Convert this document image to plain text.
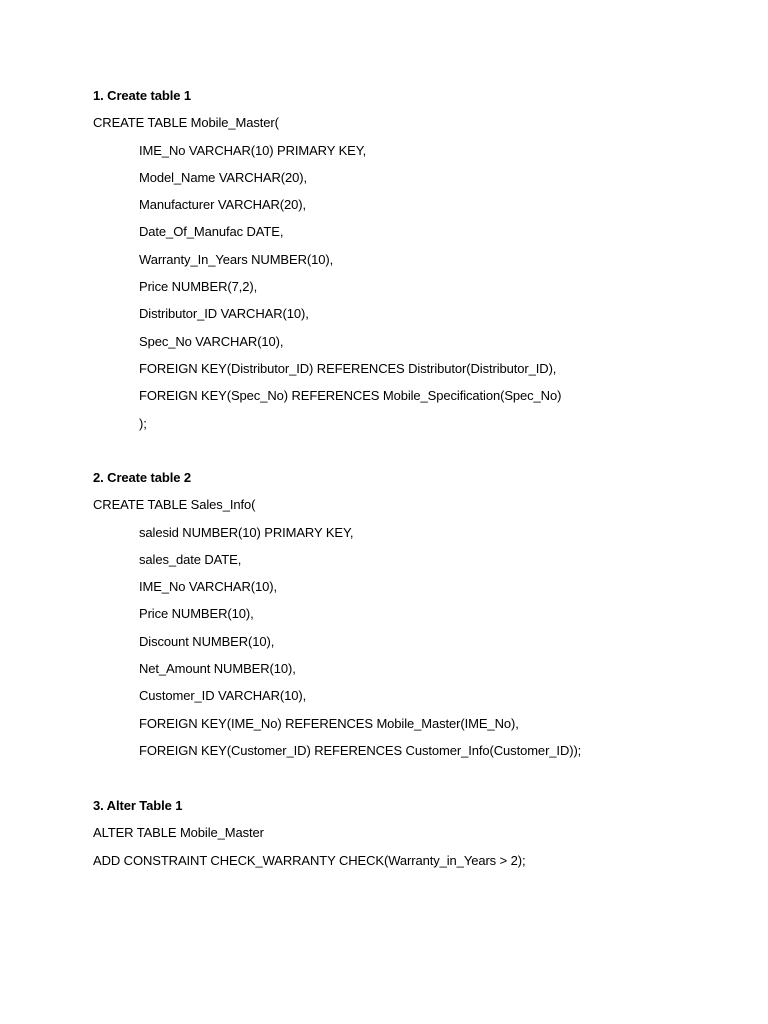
1. Create table 1
CREATE TABLE Mobile_Master(
IME_No VARCHAR(10) PRIMARY KEY,
Model_Name VARCHAR(20),
Manufacturer VARCHAR(20),
Date_Of_Manufac DATE,
Warranty_In_Years NUMBER(10),
Price NUMBER(7,2),
Distributor_ID VARCHAR(10),
Spec_No VARCHAR(10),
FOREIGN KEY(Distributor_ID) REFERENCES Distributor(Distributor_ID),
FOREIGN KEY(Spec_No) REFERENCES Mobile_Specification(Spec_No)
);
2. Create table 2
CREATE TABLE Sales_Info(
salesid NUMBER(10) PRIMARY KEY,
sales_date DATE,
IME_No VARCHAR(10),
Price NUMBER(10),
Discount NUMBER(10),
Net_Amount NUMBER(10),
Customer_ID VARCHAR(10),
FOREIGN KEY(IME_No) REFERENCES Mobile_Master(IME_No),
FOREIGN KEY(Customer_ID) REFERENCES Customer_Info(Customer_ID));
3. Alter Table 1
ALTER TABLE Mobile_Master
ADD CONSTRAINT CHECK_WARRANTY CHECK(Warranty_in_Years > 2);
